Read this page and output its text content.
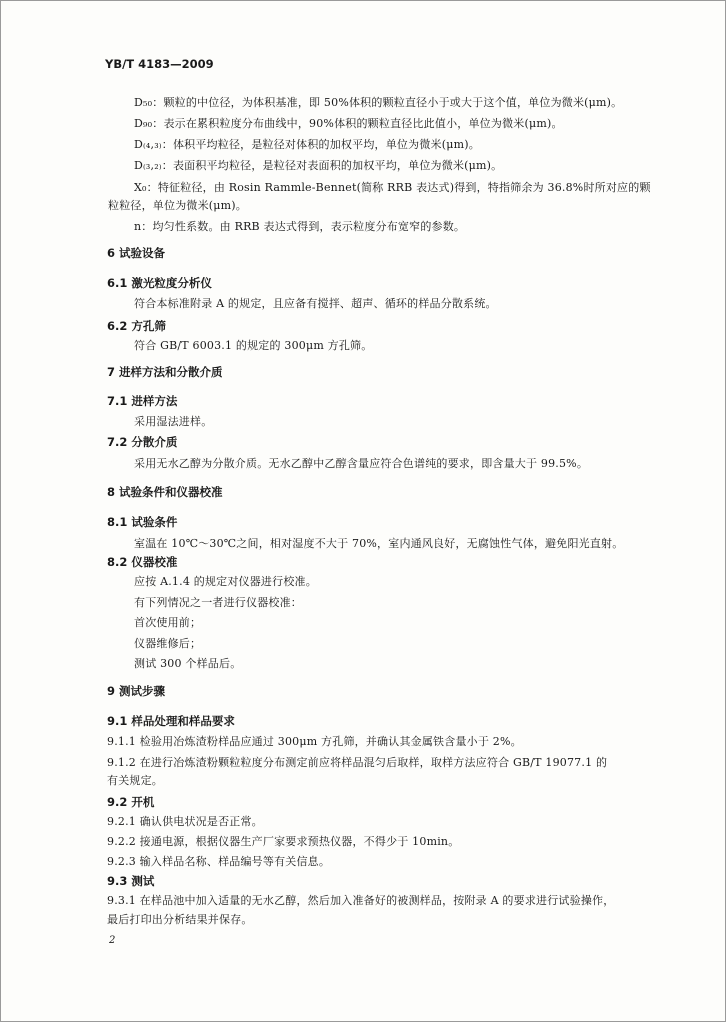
YB/T 4183—2009
D₅₀：颗粒的中位径，为体积基准，即 50%体积的颗粒直径小于或大于这个值，单位为微米(μm)。
D₉₀：表示在累积粒度分布曲线中，90%体积的颗粒直径比此值小，单位为微米(μm)。
D₍₄,₃₎：体积平均粒径，是粒径对体积的加权平均，单位为微米(μm)。
D₍₃,₂₎：表面积平均粒径，是粒径对表面积的加权平均，单位为微米(μm)。
X₀：特征粒径，由 Rosin Rammle-Bennet(简称 RRB 表达式)得到，特指筛余为 36.8%时所对应的颗
粒粒径，单位为微米(μm)。
n：均匀性系数。由 RRB 表达式得到，表示粒度分布宽窄的参数。
6 试验设备
6.1 激光粒度分析仪
符合本标准附录 A 的规定，且应备有搅拌、超声、循环的样品分散系统。
6.2 方孔筛
符合 GB/T 6003.1 的规定的 300μm 方孔筛。
7 进样方法和分散介质
7.1 进样方法
采用湿法进样。
7.2 分散介质
采用无水乙醇为分散介质。无水乙醇中乙醇含量应符合色谱纯的要求，即含量大于 99.5%。
8 试验条件和仪器校准
8.1 试验条件
室温在 10℃～30℃之间，相对湿度不大于 70%，室内通风良好，无腐蚀性气体，避免阳光直射。
8.2 仪器校准
应按 A.1.4 的规定对仪器进行校准。
有下列情况之一者进行仪器校准：
首次使用前；
仪器维修后；
测试 300 个样品后。
9 测试步骤
9.1 样品处理和样品要求
9.1.1 检验用冶炼渣粉样品应通过 300μm 方孔筛，并确认其金属铁含量小于 2%。
9.1.2 在进行冶炼渣粉颗粒粒度分布测定前应将样品混匀后取样，取样方法应符合 GB/T 19077.1 的
有关规定。
9.2 开机
9.2.1 确认供电状况是否正常。
9.2.2 接通电源，根据仪器生产厂家要求预热仪器，不得少于 10min。
9.2.3 输入样品名称、样品编号等有关信息。
9.3 测试
9.3.1 在样品池中加入适量的无水乙醇，然后加入准备好的被测样品，按附录 A 的要求进行试验操作，
最后打印出分析结果并保存。
2
